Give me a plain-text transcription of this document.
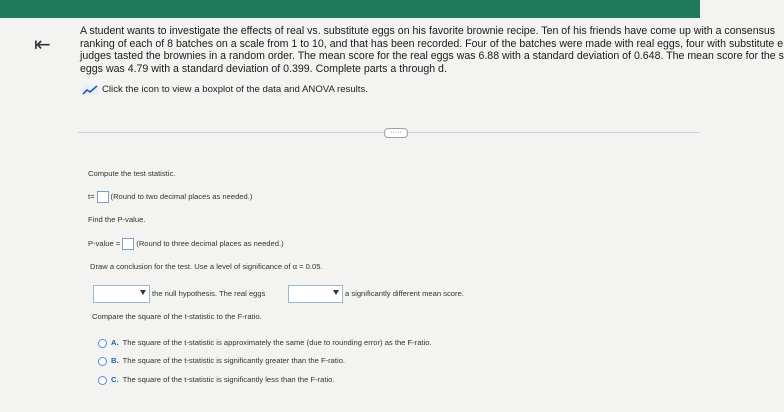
⇤
A student wants to investigate the effects of real vs. substitute eggs on his favorite brownie recipe. Ten of his friends have come up with a consensus
ranking of each of 8 batches on a scale from 1 to 10, and that has been recorded. Four of the batches were made with real eggs, four with substitute e
judges tasted the brownies in a random order. The mean score for the real eggs was 6.88 with a standard deviation of 0.648. The mean score for the s
eggs was 4.79 with a standard deviation of 0.399. Complete parts a through d.
Click the icon to view a boxplot of the data and ANOVA results.
·····
Compute the test statistic.
t= (Round to two decimal places as needed.)
Find the P-value.
P-value = (Round to three decimal places as needed.)
Draw a conclusion for the test. Use a level of significance of α = 0.05.
the null hypothesis. The real eggs	a significantly different mean score.
Compare the square of the t-statistic to the F-ratio.
A. The square of the t-statistic is approximately the same (due to rounding error) as the F-ratio.
B. The square of the t-statistic is significantly greater than the F-ratio.
C. The square of the t-statistic is significantly less than the F-ratio.
